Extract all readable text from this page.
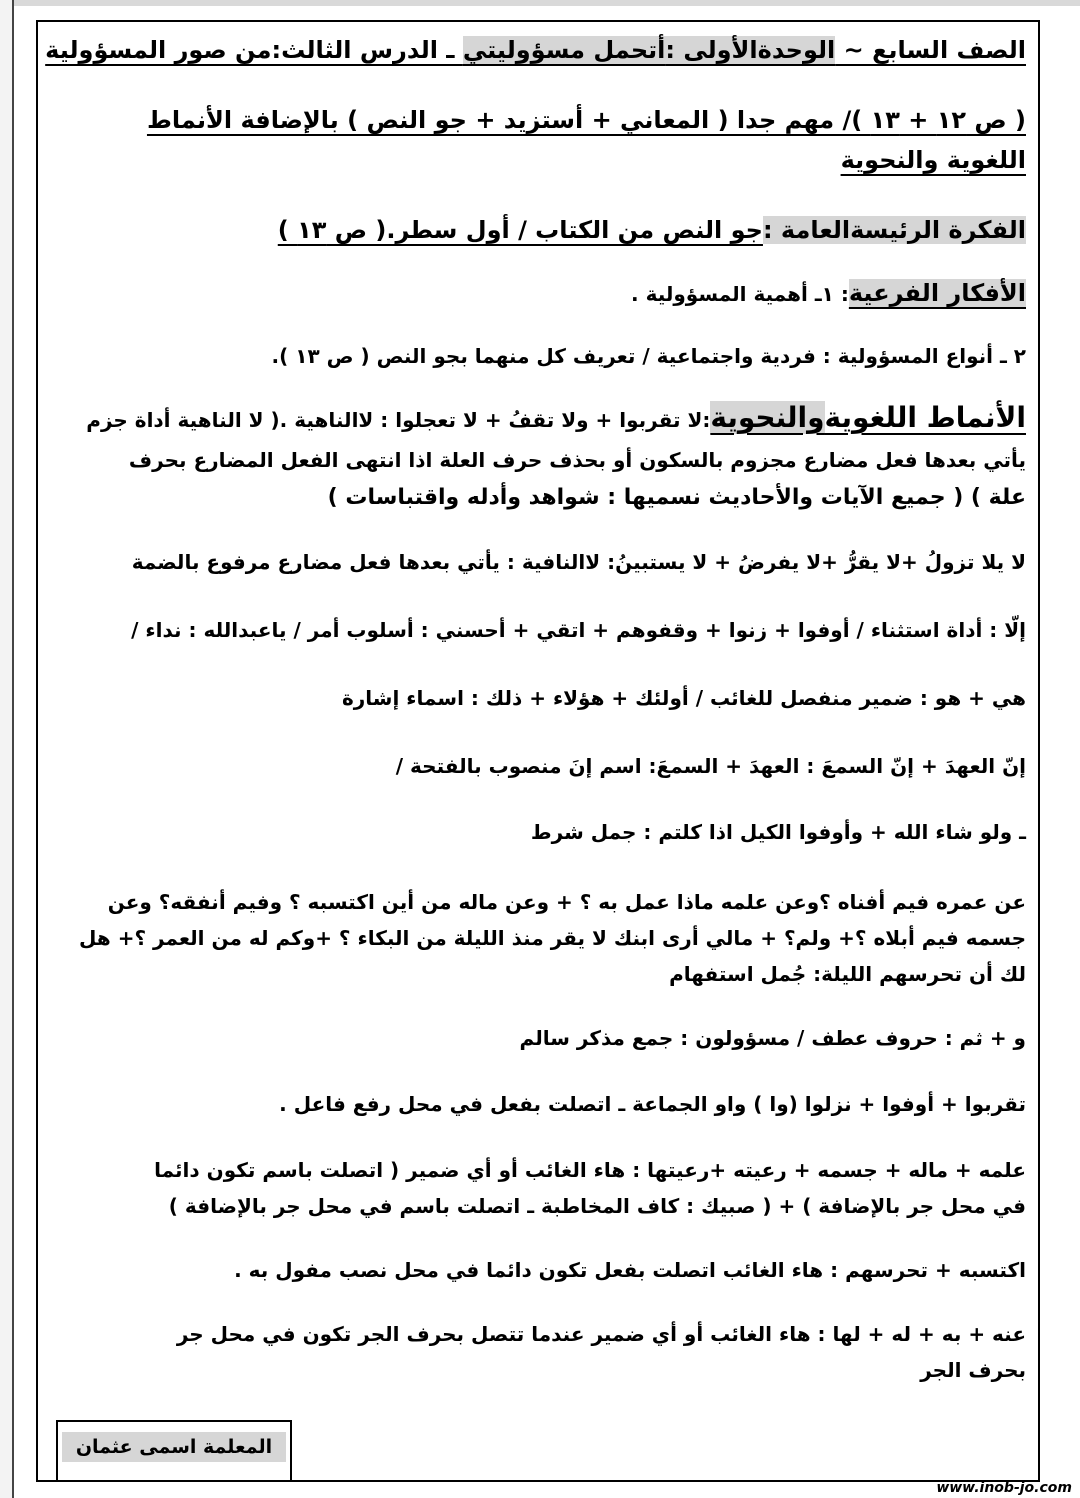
الصف السابع ~ الوحدةالأولى :أتحمل مسؤوليتي ـ الدرس الثالث:من صور المسؤولية

( ص ١٢ + ١٣ )/ مهم جدا ( المعاني + أستزيد + جو النص ) بالإضافة الأنماط

اللغوية والنحوية

الفكرة الرئيسةالعامة :جو النص من الكتاب / أول سطر.( ص ١٣ )

الأفكار الفرعية: ١ـ أهمية المسؤولية .

٢ ـ أنواع المسؤولية : فردية واجتماعية / تعريف كل منهما بجو النص ( ص ١٣ ).

الأنماط اللغويةوالنحوية:لا تقربوا + ولا تقفُ + لا تعجلوا : لاالناهية .( لا الناهية أداة جزم

يأتي بعدها فعل مضارع مجزوم بالسكون أو بحذف حرف العلة اذا انتهى الفعل المضارع بحرف

علة ) ( جميع الآيات والأحاديث نسميها : شواهد وأدله واقتباسات )

لا يلا تزولُ +لا يقرُّ +لا يفرضُ + لا يستبينُ: لاالنافية : يأتي بعدها فعل مضارع مرفوع بالضمة

إلّا : أداة استثناء / أوفوا + زنوا + وقفوهم + اتقي + أحسني : أسلوب أمر / ياعبدالله : نداء /

هي + هو : ضمير منفصل للغائب / أولئك + هؤلاء + ذلك : اسماء إشارة

إنّ العهدَ + إنّ السمعَ : العهدَ + السمعَ: اسم إنَ منصوب بالفتحة /

ـ ولو شاء الله + وأوفوا الكيل اذا كلتم : جمل شرط

عن عمره فيم أفناه ؟وعن علمه ماذا عمل به ؟ + وعن ماله من أين اكتسبه ؟ وفيم أنفقه؟ وعن

جسمه فيم أبلاه ؟+ ولم؟ + مالي أرى ابنك لا يقر منذ الليلة من البكاء ؟ +وكم له من العمر ؟+ هل

لك أن تحرسهم الليلة: جُمل استفهام

و + ثم : حروف عطف / مسؤولون : جمع مذكر سالم

تقربوا + أوفوا + نزلوا (وا ) واو الجماعة ـ اتصلت بفعل في محل رفع فاعل .

علمه + ماله + جسمه + رعيته +رعيتها : هاء الغائب أو أي ضمير ( اتصلت باسم تكون دائما

في محل جر بالإضافة ) + ( صبيك : كاف المخاطبة ـ اتصلت باسم في محل جر بالإضافة )

اكتسبه + تحرسهم : هاء الغائب اتصلت بفعل تكون دائما في محل نصب مفول به .

عنه + به + له + لها : هاء الغائب أو أي ضمير عندما تتصل بحرف الجر تكون في محل جر

بحرف الجر

المعلمة اسمى عثمان
www.inob-jo.com
